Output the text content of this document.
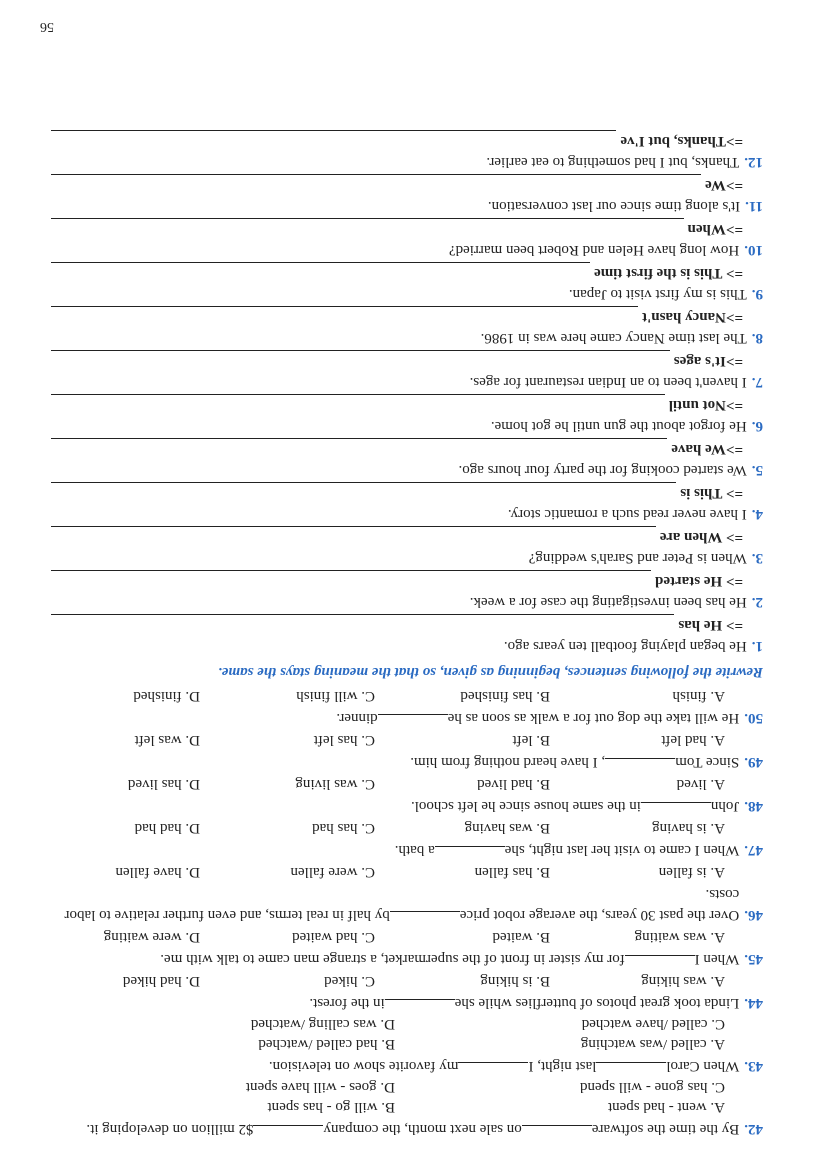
42.
By the time the softwareon sale next month, the company$2 million on developing it.
A. went - had spent
B. will go - has spent
C. has gone - will spend
D. goes - will have spent
43.
When Carollast night, Imy favorite show on television.
A. called /was watching
B. had called /watched
C. called /have watched
D. was calling /watched
44.
Linda took great photos of butterflies while shein the forest.
A. was hiking
B. is hiking
C. hiked
D. had hiked
45.
When Ifor my sister in front of the supermarket, a strange man came to talk with me.
A. was waiting
B. waited
C. had waited
D. were waiting
46.
Over the past 30 years, the average robot priceby half in real terms, and even further relative to labor costs.
A. is fallen
B. has fallen
C. were fallen
D. have fallen
47.
When I came to visit her last night, shea bath.
A. is having
B. was having
C. has had
D. had had
48.
Johnin the same house since he left school.
A. lived
B. had lived
C. was living
D. has lived
49.
Since Tom, I have heard nothing from him.
A. had left
B. left
C. has left
D. was left
50.
He will take the dog out for a walk as soon as hedinner.
A. finish
B. has finished
C. will finish
D. finished
Rewrite the following sentences, beginning as given, so that the meaning stays the same.
1.
He began playing football ten years ago.
=> He has
2.
He has been investigating the case for a week.
=> He started
3.
When is Peter and Sarah's wedding?
=> When are
4.
I have never read such a romantic story.
=> This is
5.
We started cooking for the party four hours ago.
=>We have
6.
He forgot about the gun until he got home.
=>Not until
7.
I haven't been to an Indian restaurant for ages.
=>It's ages
8.
The last time Nancy came here was in 1986.
=>Nancy hasn't
9.
This is my first visit to Japan.
=> This is the first time
10.
How long have Helen and Robert been married?
=>When
11.
It's along time since our last conversation.
=>We
12.
Thanks, but I had something to eat earlier.
=>Thanks, but I've
56
